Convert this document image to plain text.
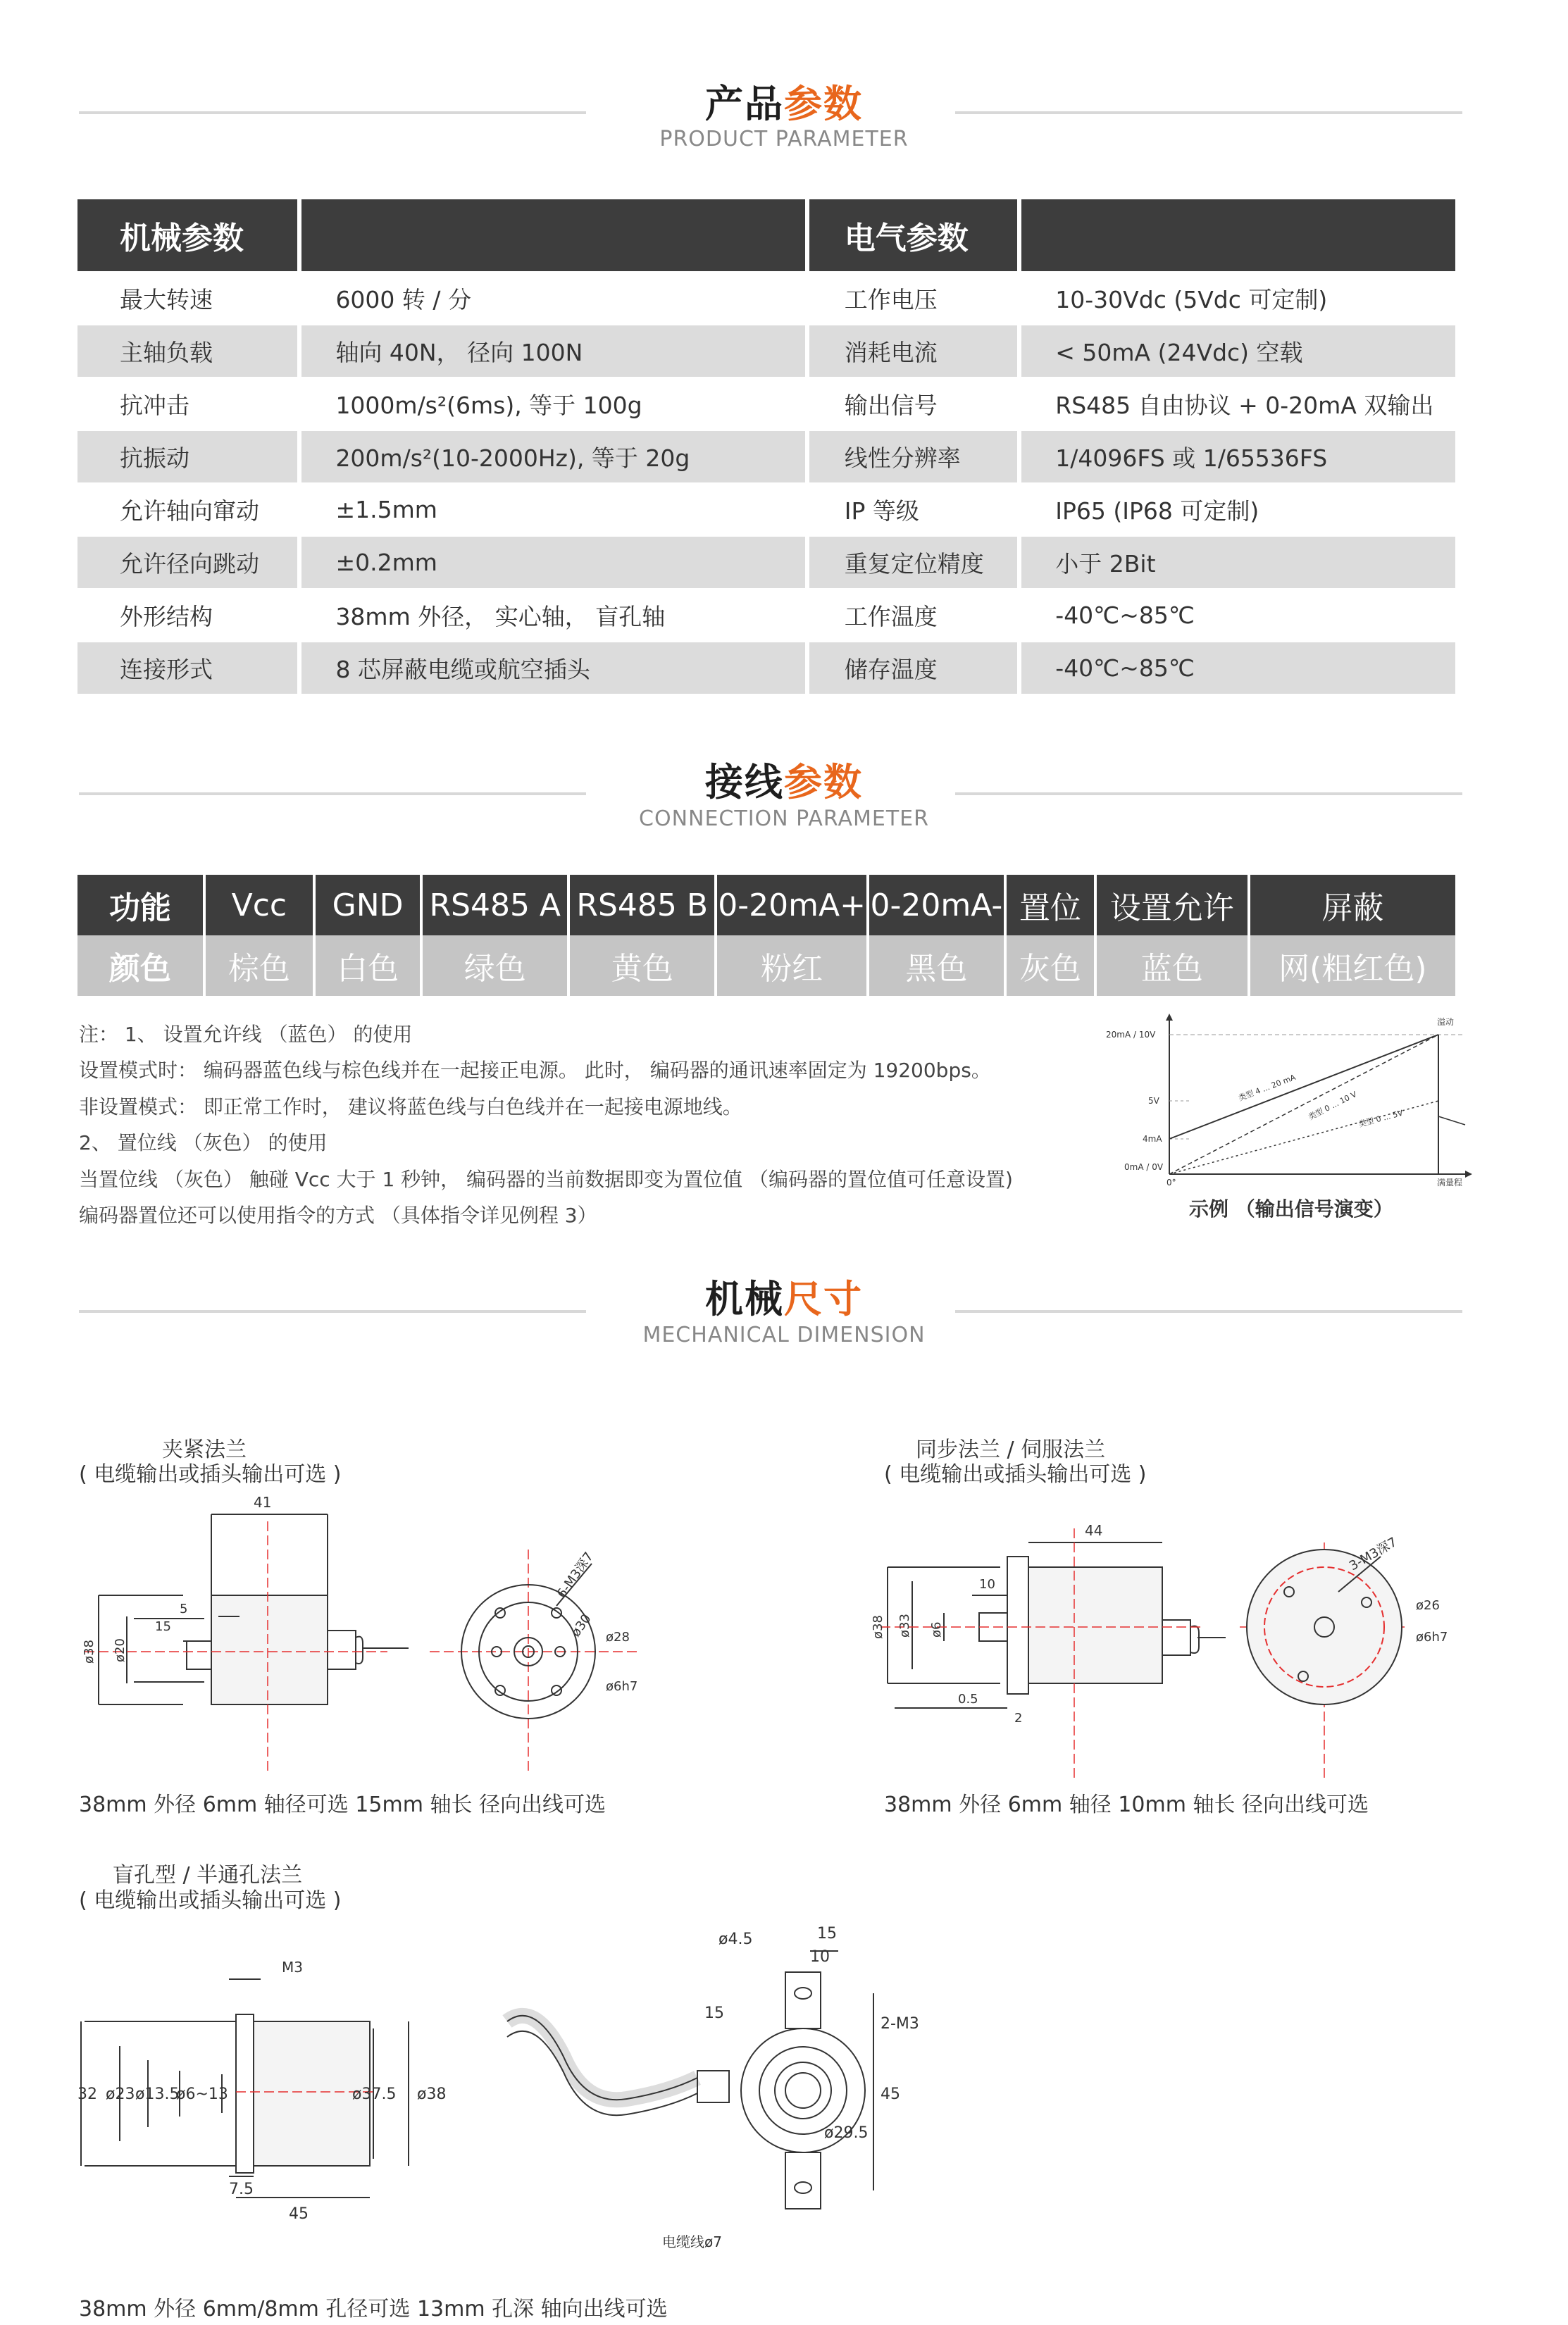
产品参数
PRODUCT PARAMETER
机械参数		电气参数	
最大转速	6000 转 / 分	工作电压	10-30Vdc (5Vdc 可定制)
主轴负载	轴向 40N， 径向 100N	消耗电流	< 50mA (24Vdc) 空载
抗冲击	1000m/s²(6ms), 等于 100g	输出信号	RS485 自由协议 + 0-20mA 双输出
抗振动	200m/s²(10-2000Hz), 等于 20g	线性分辨率	1/4096FS 或 1/65536FS
允许轴向窜动	±1.5mm	IP 等级	IP65 (IP68 可定制)
允许径向跳动	±0.2mm	重复定位精度	小于 2Bit
外形结构	38mm 外径， 实心轴， 盲孔轴	工作温度	-40℃~85℃
连接形式	8 芯屏蔽电缆或航空插头	储存温度	-40℃~85℃
接线参数
CONNECTION PARAMETER
功能	Vcc	GND	RS485 A	RS485 B	0-20mA+	0-20mA-	置位	设置允许	屏蔽
颜色	棕色	白色	绿色	黄色	粉红	黑色	灰色	蓝色	网(粗红色)
注： 1、 设置允许线 （蓝色） 的使用
设置模式时： 编码器蓝色线与棕色线并在一起接正电源。 此时， 编码器的通讯速率固定为 19200bps。
非设置模式： 即正常工作时， 建议将蓝色线与白色线并在一起接电源地线。
2、 置位线 （灰色） 的使用
当置位线 （灰色） 触碰 Vcc 大于 1 秒钟， 编码器的当前数据即变为置位值 （编码器的置位值可任意设置)
编码器置位还可以使用指令的方式 （具体指令详见例程 3）
20mA / 10V
5V
4mA
0mA / 0V
0°	满量程
溢动
类型 4 ... 20 mA
类型 0 ... 10 V 类型 0 ... 5V
示例 （输出信号演变）
机械尺寸
MECHANICAL DIMENSION
夹紧法兰
( 电缆输出或插头输出可选 )
41
5
15
ø38 ø20
6-M3深7
ø30 ø28
ø6h7
38mm 外径 6mm 轴径可选 15mm 轴长 径向出线可选
同步法兰 / 伺服法兰
( 电缆输出或插头输出可选 )
44
10
ø38 ø33 ø6
0.5
2
3-M3深7
ø26
ø6h7
38mm 外径 6mm 轴径 10mm 轴长 径向出线可选
盲孔型 / 半通孔法兰
( 电缆输出或插头输出可选 )
M3
32 ø23 ø13.5
ø6~13	ø37.5 ø38
7.5
45
ø4.5	15
10
15
2-M3
45
ø29.5
电缆线ø7
38mm 外径 6mm/8mm 孔径可选 13mm 孔深 轴向出线可选
